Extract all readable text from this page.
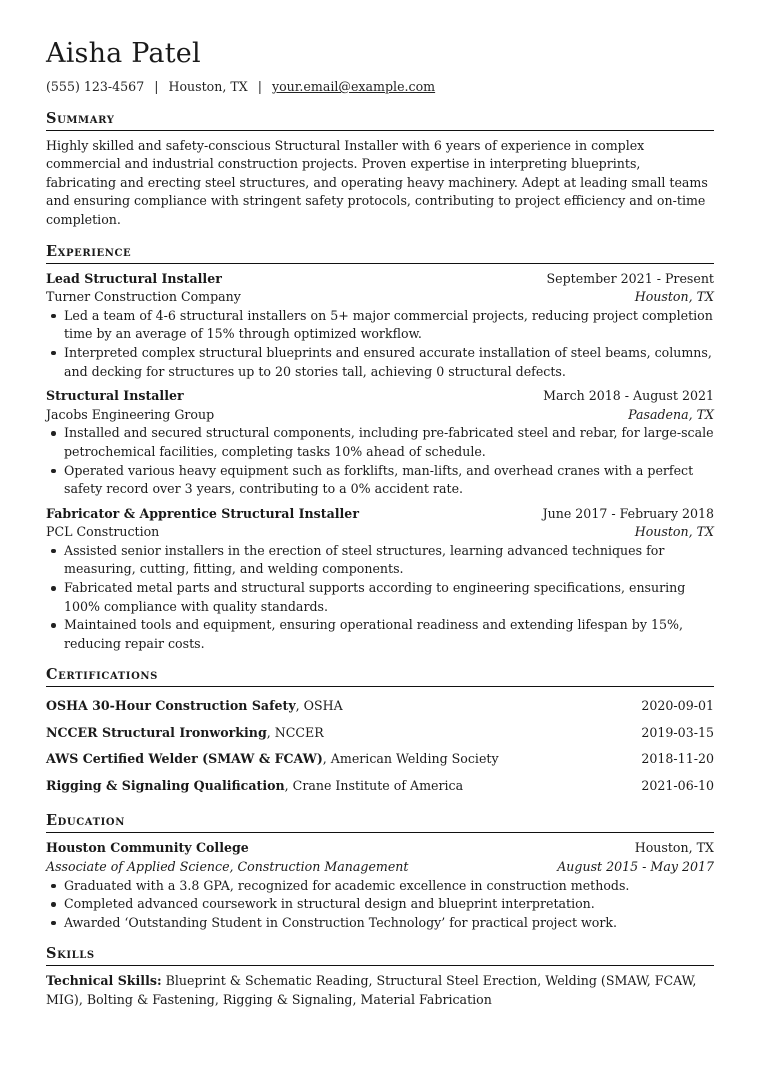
Aisha Patel
(555) 123-4567 | Houston, TX | your.email@example.com
Summary
Highly skilled and safety-conscious Structural Installer with 6 years of experience in complex commercial and industrial construction projects. Proven expertise in interpreting blueprints, fabricating and erecting steel structures, and operating heavy machinery. Adept at leading small teams and ensuring compliance with stringent safety protocols, contributing to project efficiency and on-time completion.
Experience
Lead Structural Installer	September 2021 - Present
Turner Construction Company	Houston, TX
Led a team of 4-6 structural installers on 5+ major commercial projects, reducing project completion time by an average of 15% through optimized workflow.
Interpreted complex structural blueprints and ensured accurate installation of steel beams, columns, and decking for structures up to 20 stories tall, achieving 0 structural defects.
Structural Installer	March 2018 - August 2021
Jacobs Engineering Group	Pasadena, TX
Installed and secured structural components, including pre-fabricated steel and rebar, for large-scale petrochemical facilities, completing tasks 10% ahead of schedule.
Operated various heavy equipment such as forklifts, man-lifts, and overhead cranes with a perfect safety record over 3 years, contributing to a 0% accident rate.
Fabricator & Apprentice Structural Installer	June 2017 - February 2018
PCL Construction	Houston, TX
Assisted senior installers in the erection of steel structures, learning advanced techniques for measuring, cutting, fitting, and welding components.
Fabricated metal parts and structural supports according to engineering specifications, ensuring 100% compliance with quality standards.
Maintained tools and equipment, ensuring operational readiness and extending lifespan by 15%, reducing repair costs.
Certifications
OSHA 30-Hour Construction Safety, OSHA	2020-09-01
NCCER Structural Ironworking, NCCER	2019-03-15
AWS Certified Welder (SMAW & FCAW), American Welding Society	2018-11-20
Rigging & Signaling Qualification, Crane Institute of America	2021-06-10
Education
Houston Community College	Houston, TX
Associate of Applied Science, Construction Management	August 2015 - May 2017
Graduated with a 3.8 GPA, recognized for academic excellence in construction methods.
Completed advanced coursework in structural design and blueprint interpretation.
Awarded ‘Outstanding Student in Construction Technology’ for practical project work.
Skills
Technical Skills: Blueprint & Schematic Reading, Structural Steel Erection, Welding (SMAW, FCAW, MIG), Bolting & Fastening, Rigging & Signaling, Material Fabrication
